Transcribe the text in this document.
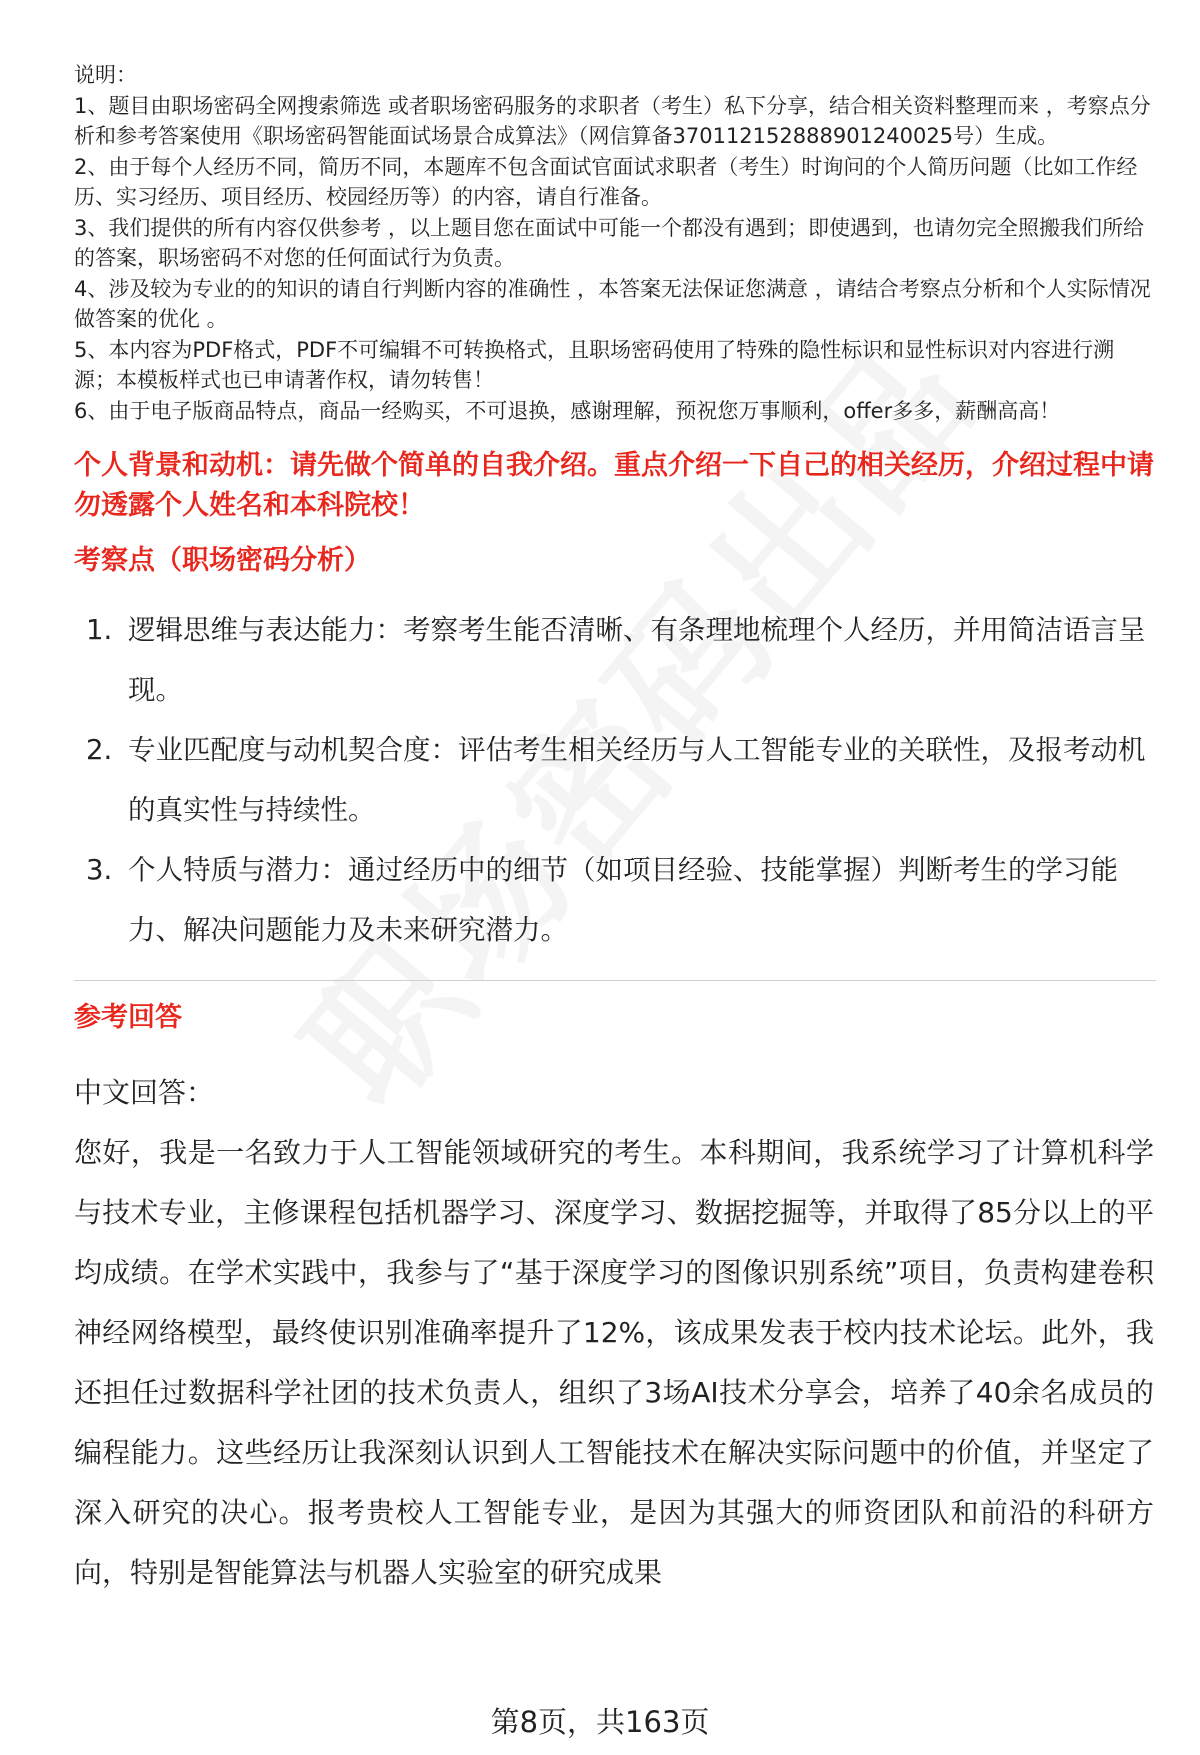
说明：

1、题目由职场密码全网搜索筛选 或者职场密码服务的求职者（考生）私下分享，结合相关资料整理而来 ，考察点分析和参考答案使用《职场密码智能面试场景合成算法》（网信算备370112152888901240025号）生成。

2、由于每个人经历不同，简历不同，本题库不包含面试官面试求职者（考生）时询问的个人简历问题（比如工作经历、实习经历、项目经历、校园经历等）的内容，请自行准备。

3、我们提供的所有内容仅供参考 ，以上题目您在面试中可能一个都没有遇到；即使遇到，也请勿完全照搬我们所给的答案，职场密码不对您的任何面试行为负责。

4、涉及较为专业的的知识的请自行判断内容的准确性 ，本答案无法保证您满意 ，请结合考察点分析和个人实际情况做答案的优化 。

5、本内容为PDF格式，PDF不可编辑不可转换格式，且职场密码使用了特殊的隐性标识和显性标识对内容进行溯源；本模板样式也已申请著作权，请勿转售！

6、由于电子版商品特点，商品一经购买，不可退换，感谢理解，预祝您万事顺利，offer多多，薪酬高高！

个人背景和动机：请先做个简单的自我介绍。重点介绍一下自己的相关经历，介绍过程中请勿透露个人姓名和本科院校！
考察点（职场密码分析）
1. 逻辑思维与表达能力：考察考生能否清晰、有条理地梳理个人经历，并用简洁语言呈现。
2. 专业匹配度与动机契合度：评估考生相关经历与人工智能专业的关联性，及报考动机的真实性与持续性。
3. 个人特质与潜力：通过经历中的细节（如项目经验、技能掌握）判断考生的学习能力、解决问题能力及未来研究潜力。
参考回答

中文回答：

您好，我是一名致力于人工智能领域研究的考生。本科期间，我系统学习了计算机科学与技术专业，主修课程包括机器学习、深度学习、数据挖掘等，并取得了85分以上的平均成绩。在学术实践中，我参与了“基于深度学习的图像识别系统”项目，负责构建卷积神经网络模型，最终使识别准确率提升了12%，该成果发表于校内技术论坛。此外，我还担任过数据科学社团的技术负责人，组织了3场AI技术分享会，培养了40余名成员的编程能力。这些经历让我深刻认识到人工智能技术在解决实际问题中的价值，并坚定了深入研究的决心。报考贵校人工智能专业，是因为其强大的师资团队和前沿的科研方向，特别是智能算法与机器人实验室的研究成果

第8页，共163页
